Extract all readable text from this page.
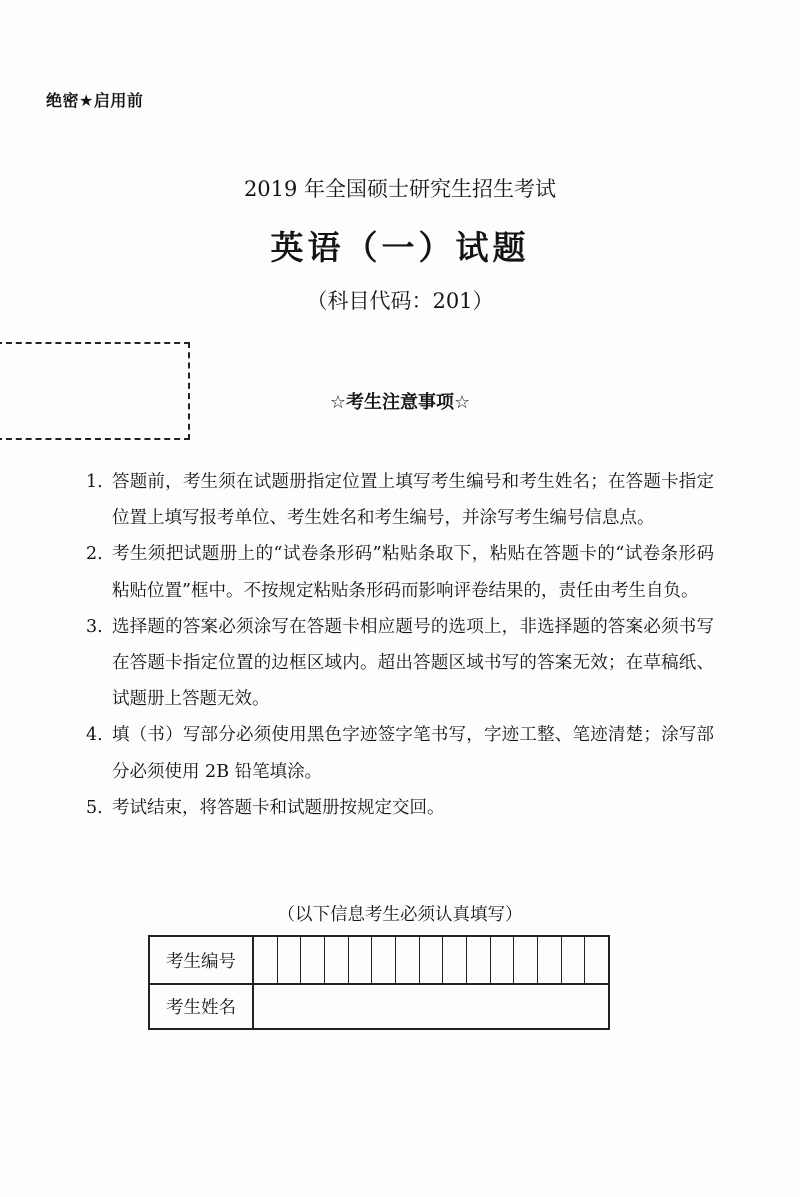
绝密★启用前
2019 年全国硕士研究生招生考试
英语（一）试题
（科目代码：201）
☆考生注意事项☆
1. 答题前，考生须在试题册指定位置上填写考生编号和考生姓名；在答题卡指定位置上填写报考单位、考生姓名和考生编号，并涂写考生编号信息点。
2. 考生须把试题册上的“试卷条形码”粘贴条取下，粘贴在答题卡的“试卷条形码粘贴位置”框中。不按规定粘贴条形码而影响评卷结果的，责任由考生自负。
3. 选择题的答案必须涂写在答题卡相应题号的选项上，非选择题的答案必须书写在答题卡指定位置的边框区域内。超出答题区域书写的答案无效；在草稿纸、试题册上答题无效。
4. 填（书）写部分必须使用黑色字迹签字笔书写，字迹工整、笔迹清楚；涂写部分必须使用 2B 铅笔填涂。
5. 考试结束，将答题卡和试题册按规定交回。
（以下信息考生必须认真填写）
考生编号	

考生姓名	
